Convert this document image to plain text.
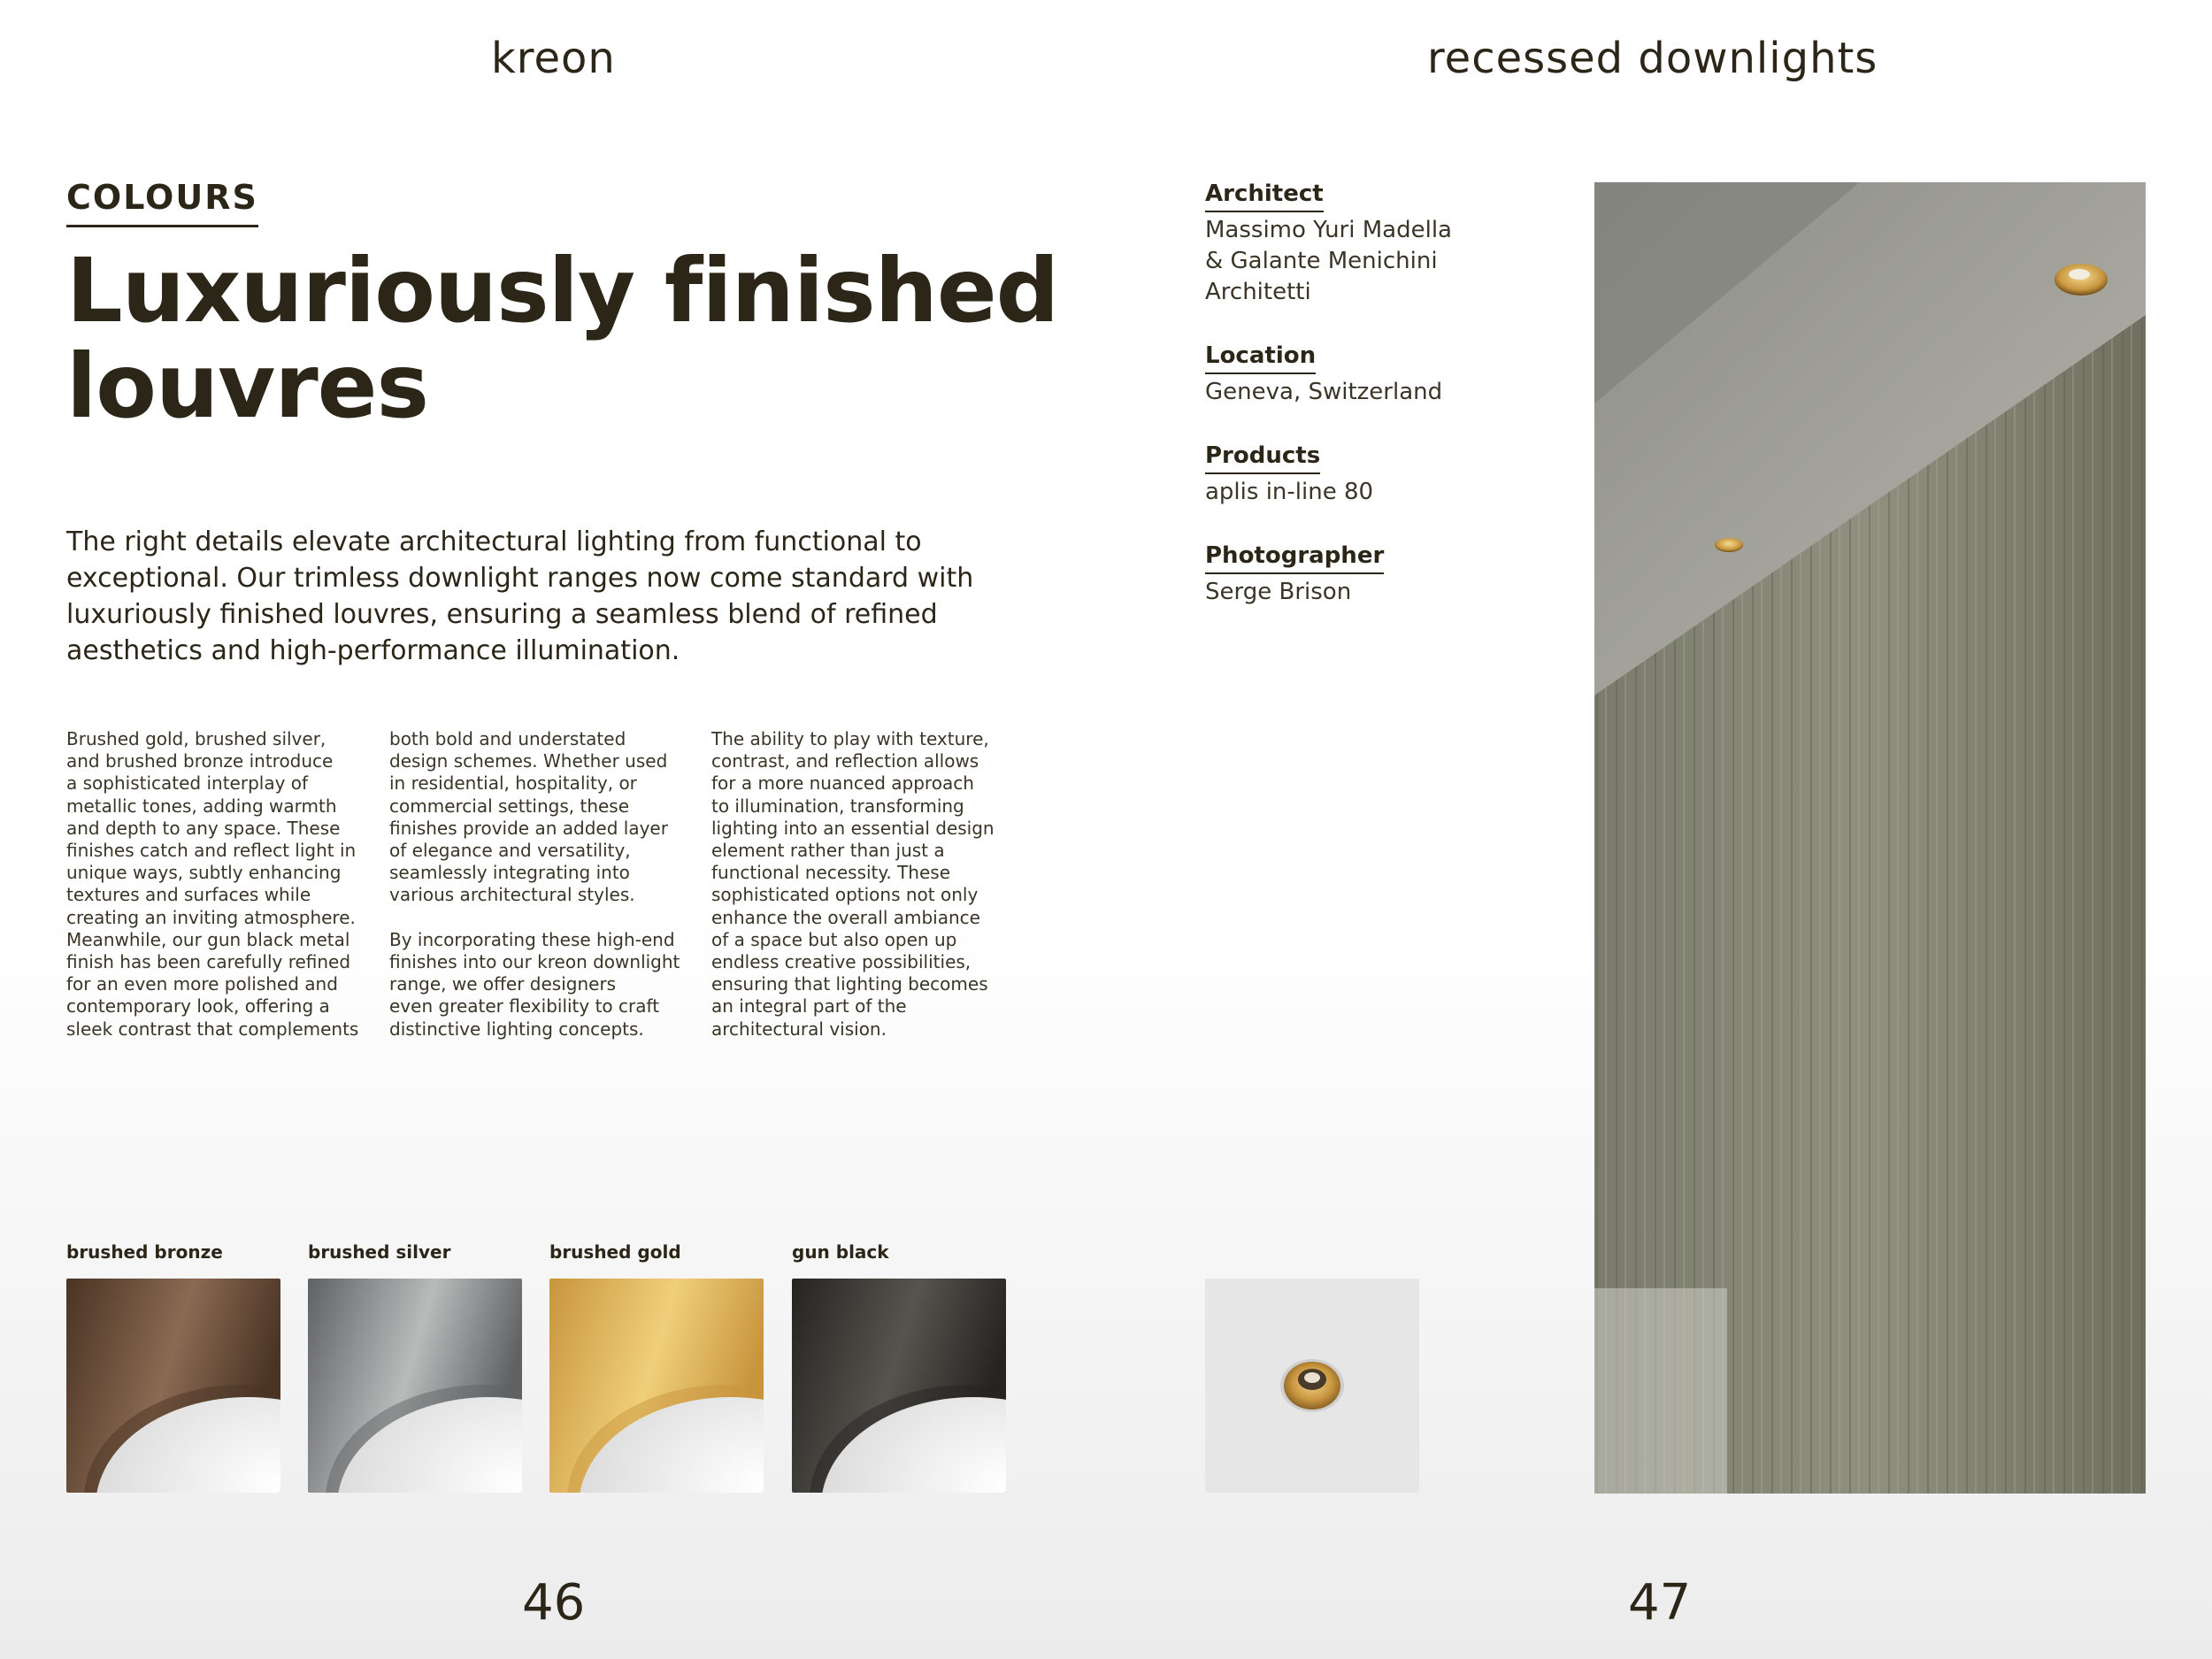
kreon	recessed downlights
COLOURS
Luxuriously finished louvres

The right details elevate architectural lighting from functional to exceptional. Our trimless downlight ranges now come standard with luxuriously finished louvres, ensuring a seamless blend of refined aesthetics and high-performance illumination.

Brushed gold, brushed silver,
and brushed bronze introduce
a sophisticated interplay of
metallic tones, adding warmth
and depth to any space. These
finishes catch and reflect light in
unique ways, subtly enhancing
textures and surfaces while
creating an inviting atmosphere.
Meanwhile, our gun black metal
finish has been carefully refined
for an even more polished and
contemporary look, offering a
sleek contrast that complements

both bold and understated
design schemes. Whether used
in residential, hospitality, or
commercial settings, these
finishes provide an added layer
of elegance and versatility,
seamlessly integrating into
various architectural styles.

By incorporating these high-end
finishes into our kreon downlight
range, we offer designers
even greater flexibility to craft
distinctive lighting concepts.

The ability to play with texture,
contrast, and reflection allows
for a more nuanced approach
to illumination, transforming
lighting into an essential design
element rather than just a
functional necessity. These
sophisticated options not only
enhance the overall ambiance
of a space but also open up
endless creative possibilities,
ensuring that lighting becomes
an integral part of the
architectural vision.

brushed bronze	brushed silver	brushed gold	gun black
Architect
Massimo Yuri Madella
& Galante Menichini
Architetti
Location
Geneva, Switzerland
Products
aplis in-line 80
Photographer
Serge Brison
46	47
